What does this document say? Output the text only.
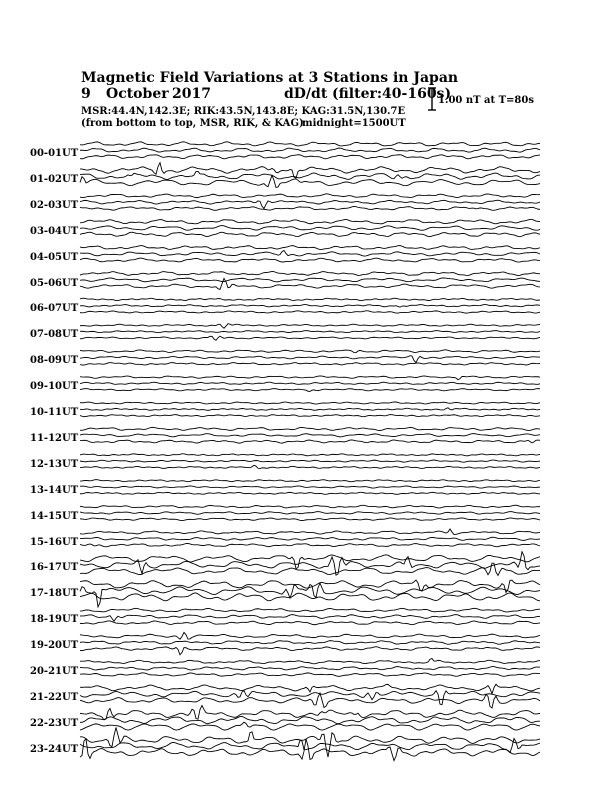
Magnetic Field Variations at 3 Stations in Japan
9 October 2017	dD/dt (filter:40-160s)
MSR:44.4N,142.3E; RIK:43.5N,143.8E; KAG:31.5N,130.7E
(from bottom to top, MSR, RIK, & KAG)
midnight=1500UT
1.00 nT at T=80s
00-01UT
01-02UT
02-03UT
03-04UT
04-05UT
05-06UT
06-07UT
07-08UT
08-09UT
09-10UT
10-11UT
11-12UT
12-13UT
13-14UT
14-15UT
15-16UT
16-17UT
17-18UT
18-19UT
19-20UT
20-21UT
21-22UT
22-23UT
23-24UT
